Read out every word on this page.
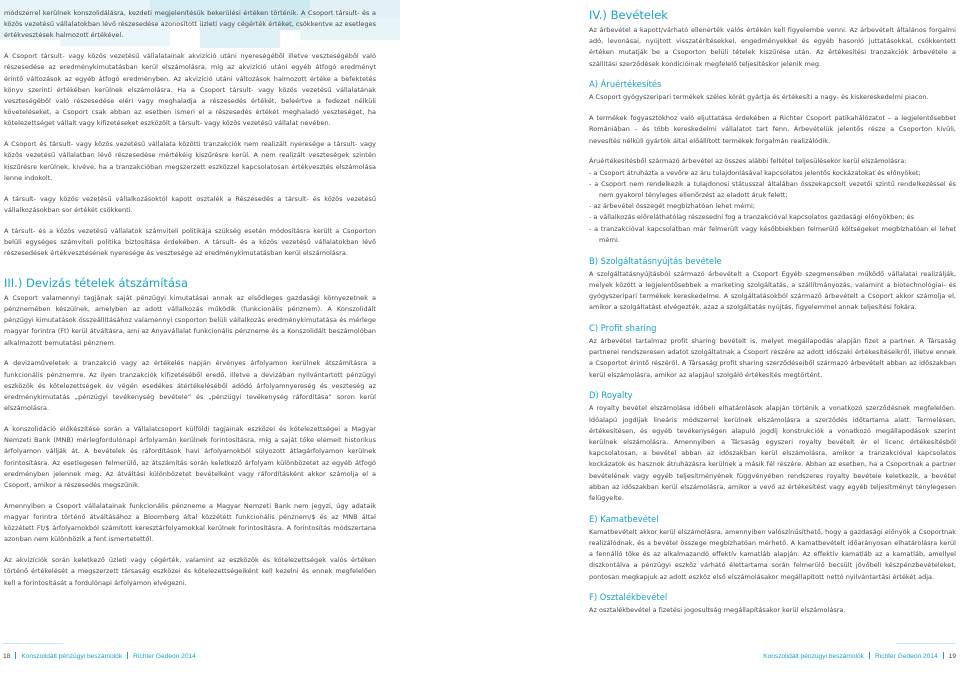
módszerrel kerülnek konszolidálásra, kezdeti megjelenítésük bekerülési értéken történik. A Csoport társult- és a közös vezetésű vállalatokban lévő részesedése azonosított üzleti vagy cégérték értéket, csökkentve az esetleges értékvesztések halmozott értékével.

A Csoport társult- vagy közös vezetésű vállalatainak akvizíció utáni nyereségéből illetve veszteségéből való részesedése az eredménykimutatásban kerül elszámolásra, míg az akvizíció utáni egyéb átfogó eredményt érintő változások az egyéb átfogó eredményben. Az akvizíció utáni változások halmozott értéke a befektetés könyv szerinti értékében kerülnek elszámolásra. Ha a Csoport társult- vagy közös vezetésű vállalatának veszteségéből való részesedése eléri vagy meghaladja a részesedés értékét, beleértve a fedezet nélküli követeléseket, a Csoport csak abban az esetben ismeri el a részesedés értékét meghaladó veszteséget, ha kötelezettséget vállalt vagy kifizetéseket eszközölt a társult- vagy közös vezetésű vállalat nevében.

A Csoport és társult- vagy közös vezetésű vállalata közötti tranzakciók nem realizált nyeresége a társult- vagy közös vezetésű vállalatban lévő részesedése mértékéig kiszűrésre kerül. A nem realizált veszteségek szintén kiszűrésre kerülnek, kivéve, ha a tranzakcióban megszerzett eszközzel kapcsolatosan értékvesztés elszámolása lenne indokolt.

A társult- vagy közös vezetésű vállalkozásoktól kapott osztalék a Részesedés a társult- és közös vezetésű vállalkozásokban sor értékét csökkenti.

A társult- és a közös vezetésű vállalatok számviteli politikája szükség esetén módosításra került a Csoporton belüli egységes számviteli politika biztosítása érdekében. A társult- és a közös vezetésű vállalatokban lévő részesedések értékvesztésének nyeresége és vesztesége az eredménykimutatásban kerül elszámolásra.

III.) Devizás tételek átszámítása

A Csoport valamennyi tagjának saját pénzügyi kimutatásai annak az elsődleges gazdasági környezetnek a pénznemében készülnek, amelyben az adott vállalkozás működik (funkcionális pénznem). A Konszolidált pénzügyi kimutatások összeállításához valamennyi csoporton belüli vállalkozás eredménykimutatása és mérlege magyar forintra (Ft) kerül átváltásra, ami az Anyavállalat funkcionális pénzneme és a Konszolidált beszámolóban alkalmazott bemutatási pénznem.

A devizaműveletek a tranzakció vagy az értékelés napján érvényes árfolyamon kerülnek átszámításra a funkcionális pénznemre. Az ilyen tranzakciók kifizetéséből eredő, illetve a devizában nyilvántartott pénzügyi eszközök és kötelezettségek év végén esedékes átértékeléséből adódó árfolyamnyereség és veszteség az eredménykimutatás „pénzügyi tevékenység bevétele” és „pénzügyi tevékenység ráfordítása” soron kerül elszámolásra.

A konszolidáció előkészítése során a Vállalatcsoport külföldi tagjainak eszközei és kötelezettségei a Magyar Nemzeti Bank (MNB) mérlegfordulónapi árfolyamán kerülnek forintosításra, míg a saját tőke elemeit historikus árfolyamon vállják át. A bevételek és ráfordítások havi árfolyamokból súlyozott átlagárfolyamon kerülnek forintosításra. Az esetlegesen felmerülő, az átszámítás során keletkező árfolyam különbözetet az egyéb átfogó eredményben jelennek meg. Az átváltási különbözetet bevételként vagy ráfordításként akkor számolja el a Csoport, amikor a részesedés megszűnik.

Amennyiben a Csoport vállalatainak funkcionális pénzneme a Magyar Nemzeti Bank nem jegyzi, úgy adataik magyar forintra történő átváltásához a Bloomberg által közzétett funkcionális pénznem/$ és az MNB által közzétett Ft/$ árfolyamokból számított keresztárfolyamokkal kerülnek forintosításra. A forintosítás módszertana azonban nem különbözik a fent ismertetettől.

Az akvizíciók során keletkező üzleti vagy cégérték, valamint az eszközök és kötelezettségek valós értéken történő értékelését a megszerzett társaság eszközei és kötelezettségeiként kell kezelni és ennek megfelelően kell a forintosítását a fordulónapi árfolyamon elvégezni.

18 Konszolidált pénzügyi beszámolók Richter Gedeon 2014
IV.) Bevételek

Az árbevétel a kapott/várható ellenérték valós értékén kell figyelembe venni. Az árbevételt általános forgalmi adó, levonásai, nyújtott visszatérítésekkel, engedményekkel és egyéb hasonló juttatásokkal, csökkentett értéken mutatják be a Csoporton belüli tételek kiszűrése után. Az értékesítési tranzakciók árbevétele a szállítási szerződések kondícióinak megfelelő teljesítéskor jelenik meg.

A) Áruértékesítés

A Csoport gyógyszeripari termékek széles körét gyártja és értékesíti a nagy- és kiskereskedelmi piacon.

A termékek fogyasztókhoz való eljuttatása érdekében a Richter Csoport patikahálózatot – a legjelentősebbet Romániában – és több kereskedelmi vállalatot tart fenn. Árbevételük jelentős része a Csoporton kívüli, nevesítés nélküli gyártók által előállított termékek forgalmán realizálódik.

Áruértékesítésből származó árbevétel az összes alábbi feltétel teljesülésekor kerül elszámolásra:

- a Csoport átruházta a vevőre az áru tulajdonlásával kapcsolatos jelentős kockázatokat és előnyöket;
- a Csoport nem rendelkezik a tulajdonosi státusszal általában összekapcsolt vezetői szintű rendelkezéssel és nem gyakorol tényleges ellenőrzést az eladott áruk felett;
- az árbevétel összegét megbízhatóan lehet mérni;
- a vállalkozás előreláthatólag részesedni fog a tranzakcióval kapcsolatos gazdasági előnyökben; és
- a tranzakcióval kapcsolatban már felmerült vagy későbbiekben felmerülő költségeket megbízhatóan el lehet mérni.
B) Szolgáltatásnyújtás bevétele

A szolgáltatásnyújtásból származó árbevételt a Csoport Egyéb szegmensében működő vállalatai realizálják, melyek között a legjelentősebbek a marketing szolgáltatás, a szállítmányozás, valamint a biotechnológiai- és gyógyszeripari termékek kereskedelme. A szolgáltatásokból származó árbevételt a Csoport akkor számolja el, amikor a szolgáltatást elvégezték, azaz a szolgáltatás nyújtás, figyelemmel annak teljesítési fokára.

C) Profit sharing

Az árbevétel tartalmaz profit sharing bevételt is, melyet megállapodás alapján fizet a partner. A Társaság partnerei rendszeresen adatot szolgáltatnak a Csoport részére az adott időszaki értékesítéseikről, illetve ennek a Csoportot érintő részéről. A Társaság profit sharing szerződéseiből származó árbevételt abban az időszakban kerül elszámolásra, amikor az alapjául szolgáló értékesítés megtörtént.

D) Royalty

A royalty bevétel elszámolása időbeli elhatárolások alapján történik a vonatkozó szerződésnek megfelelően. Időalapú jogdíjak lineáris módszerrel kerülnek elszámolásra a szerződés időtartama alatt. Termelésen, értékesítésen, és egyéb tevékenységen alapuló jogdíj konstrukciók a vonatkozó megállapodások szerint kerülnek elszámolásra. Amennyiben a Társaság egyszeri royalty bevételt ér el licenc értékesítésből kapcsolatosan, a bevétel abban az időszakban kerül elszámolásra, amikor a tranzakcióval kapcsolatos kockázatok és hasznok átruházásra kerülnek a másik fél részére. Abban az esetben, ha a Csoportnak a partner bevételének vagy egyéb teljesítményének függvényében rendszeres royalty bevétele keletkezik, a bevétel abban az időszakban kerül elszámolásra, amikor a vevő az értékesítést vagy egyéb teljesítményt ténylegesen felügyelte.

E) Kamatbevétel

Kamatbevételt akkor kerül elszámolásra, amennyiben valószínűsíthető, hogy a gazdasági előnyök a Csoportnak realizálódnak, és a bevétel összege megbízhatóan mérhető. A kamatbevételt időarányosan elhatárolásra kerül a fennálló tőke és az alkalmazandó effektív kamatláb alapján. Az effektív kamatláb az a kamatláb, amellyel diszkontálva a pénzügyi eszköz várható élettartama során felmerülő becsült jövőbeli készpénzbevételeket, pontosan megkapjuk az adott eszköz első elszámolásakor megállapított nettó nyilvántartási értékét adja.

F) Osztalékbevétel

Az osztalékbevétel a fizetési jogosultság megállapításakor kerül elszámolásra.

Konszolidált pénzügyi beszámolók Richter Gedeon 2014 19
